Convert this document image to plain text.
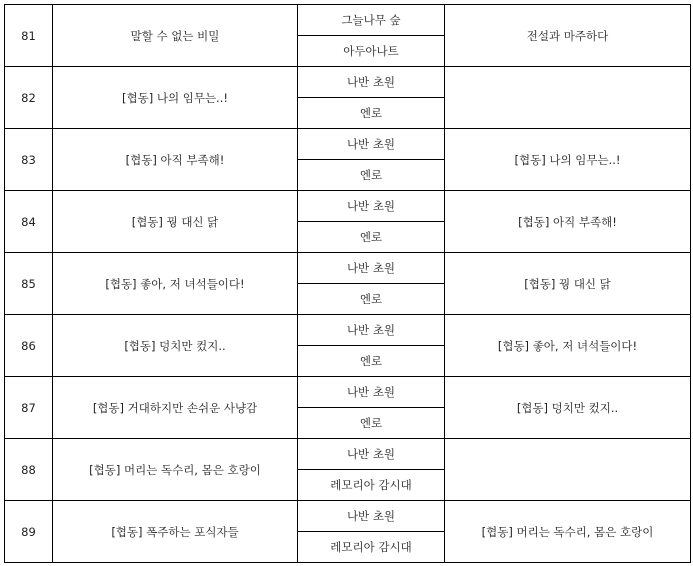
81	말할 수 없는 비밀	그늘나무 숲	전설과 마주하다
		아두아나트	
82	[협동] 나의 임무는..!	나반 초원	
		엔로	
83	[협동] 아직 부족해!	나반 초원	[협동] 나의 임무는..!
		엔로	
84	[협동] 꿩 대신 닭	나반 초원	[협동] 아직 부족해!
		엔로	
85	[협동] 좋아, 저 녀석들이다!	나반 초원	[협동] 꿩 대신 닭
		엔로	
86	[협동] 덩치만 컸지..	나반 초원	[협동] 좋아, 저 녀석들이다!
		엔로	
87	[협동] 거대하지만 손쉬운 사냥감	나반 초원	[협동] 덩치만 컸지..
		엔로	
88	[협동] 머리는 독수리, 몸은 호랑이	나반 초원	
		레모리아 감시대	
89	[협동] 폭주하는 포식자들	나반 초원	[협동] 머리는 독수리, 몸은 호랑이
		레모리아 감시대	
